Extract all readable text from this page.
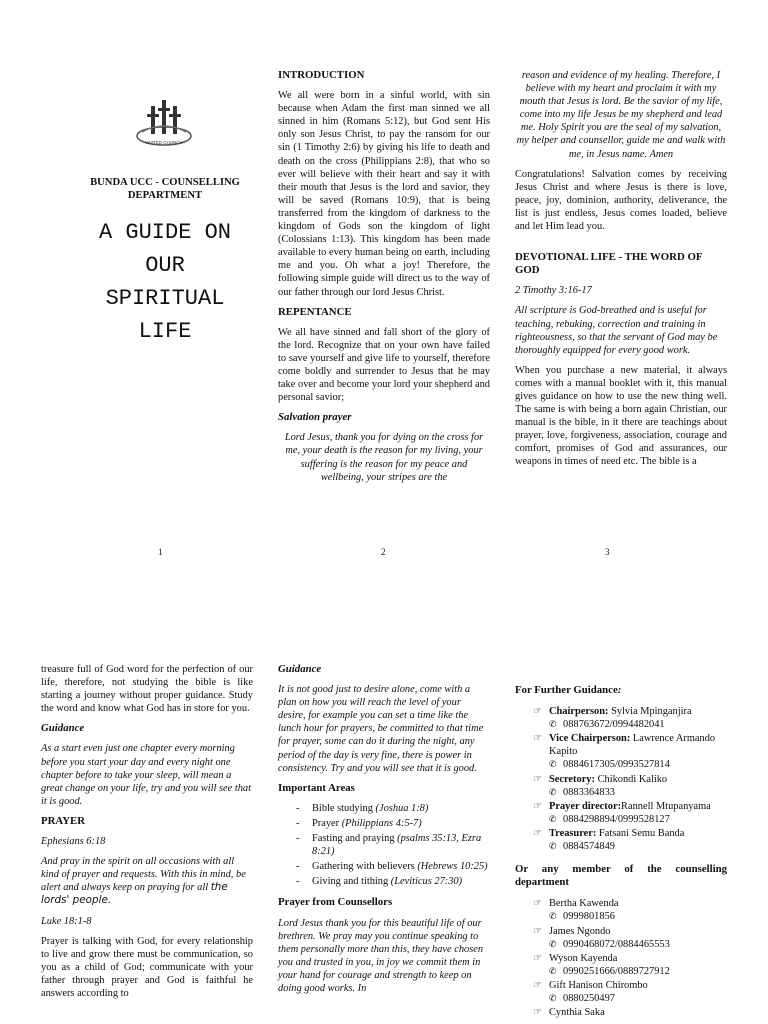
UNITED CHURCH
BUNDA UCC - COUNSELLING DEPARTMENT
A GUIDE ON
OUR
SPIRITUAL
LIFE
1
INTRODUCTION

We all were born in a sinful world, with sin because when Adam the first man sinned we all sinned in him (Romans 5:12), but God sent His only son Jesus Christ, to pay the ransom for our sin (1 Timothy 2:6) by giving his life to death and death on the cross (Philippians 2:8), that who so ever will believe with their heart and say it with their mouth that Jesus is the lord and savior, they will be saved (Romans 10:9), that is being transferred from the kingdom of darkness to the kingdom of Gods son the kingdom of light (Colossians 1:13). This kingdom has been made available to every human being on earth, including me and you. Oh what a joy! Therefore, the following simple guide will direct us to the way of our father through our lord Jesus Christ.

REPENTANCE

We all have sinned and fall short of the glory of the lord. Recognize that on your own have failed to save yourself and give life to yourself, therefore come boldly and surrender to Jesus that he may take over and become your lord your shepherd and personal savior;

Salvation prayer

Lord Jesus, thank you for dying on the cross for me, your death is the reason for my living, your suffering is the reason for my peace and wellbeing, your stripes are the

2

reason and evidence of my healing. Therefore, I believe with my heart and proclaim it with my mouth that Jesus is lord. Be the savior of my life, come into my life Jesus be my shepherd and lead me. Holy Spirit you are the seal of my salvation, my helper and counsellor, guide me and walk with me, in Jesus name. Amen

Congratulations! Salvation comes by receiving Jesus Christ and where Jesus is there is love, peace, joy, dominion, authority, deliverance, the list is just endless, Jesus comes loaded, believe and let Him lead you.

DEVOTIONAL LIFE - THE WORD OF GOD

2 Timothy 3:16-17

All scripture is God-breathed and is useful for teaching, rebuking, correction and training in righteousness, so that the servant of God may be thoroughly equipped for every good work.

When you purchase a new material, it always comes with a manual booklet with it, this manual gives guidance on how to use the new thing well. The same is with being a born again Christian, our manual is the bible, in it there are teachings about prayer, love, forgiveness, association, courage and comfort, promises of God and assurances, our weapons in times of need etc. The bible is a

3

treasure full of God word for the perfection of our life, therefore, not studying the bible is like starting a journey without proper guidance. Study the word and know what God has in store for you.

Guidance

As a start even just one chapter every morning before you start your day and every night one chapter before to take your sleep, will mean a great change on your life, try and you will see that it is good.

PRAYER

Ephesians 6:18

And pray in the spirit on all occasions with all kind of prayer and requests. With this in mind, be alert and always keep on praying for all the lords' people.

Luke 18:1-8

Prayer is talking with God, for every relationship to live and grow there must be communication, so you as a child of God; communicate with your father through prayer and God is faithful he answers according to

Guidance

It is not good just to desire alone, come with a plan on how you will reach the level of your desire, for example you can set a time like the lunch hour for prayers, be committed to that time for prayer, some can do it during the night, any period of the day is very fine, there is power in consistency. Try and you will see that it is good.

Important Areas
- Bible studying (Joshua 1:8)
- Prayer (Philippians 4:5-7)
- Fasting and praying (psalms 35:13, Ezra 8:21)
- Gathering with believers (Hebrews 10:25)
- Giving and tithing (Leviticus 27:30)
Prayer from Counsellors

Lord Jesus thank you for this beautiful life of our brethren. We pray may you continue speaking to them personally more than this, they have chosen you and trusted in you, in joy we commit them in your hand for courage and strength to keep on doing good works. In

For Further Guidance:
☞ Chairperson: Sylvia Mpinganjira
✆ 088763672/0994482041
☞ Vice Chairperson: Lawrence Armando Kapito
✆ 0884617305/0993527814
☞ Secretory: Chikondi Kaliko
✆ 0883364833
☞ Prayer director:Rannell Mtupanyama
✆ 0884298894/0999528127
☞ Treasurer: Fatsani Semu Banda
✆ 0884574849
Or any member of the counselling department
☞ Bertha Kawenda
✆ 0999801856
☞ James Ngondo
✆ 0990468072/0884465553
☞ Wyson Kayenda
✆ 0990251666/0889727912
☞ Gift Hanison Chirombo
✆ 0880250497
☞ Cynthia Saka
